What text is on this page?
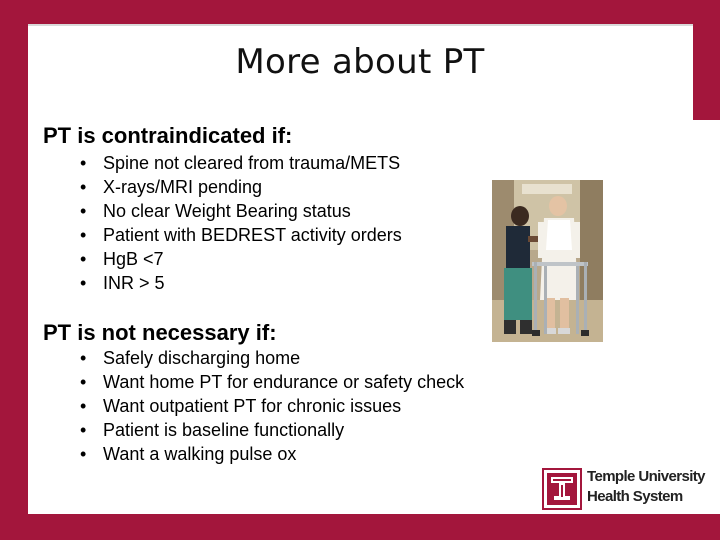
More about PT
PT is contraindicated if:
• Spine not cleared from trauma/METS
• X-rays/MRI pending
• No clear Weight Bearing status
• Patient with BEDREST activity orders
• HgB <7
• INR > 5
PT is not necessary if:
• Safely discharging home
• Want home PT for endurance or safety check
• Want outpatient PT for chronic issues
• Patient is baseline functionally
• Want a walking pulse ox
Temple University
Health System
